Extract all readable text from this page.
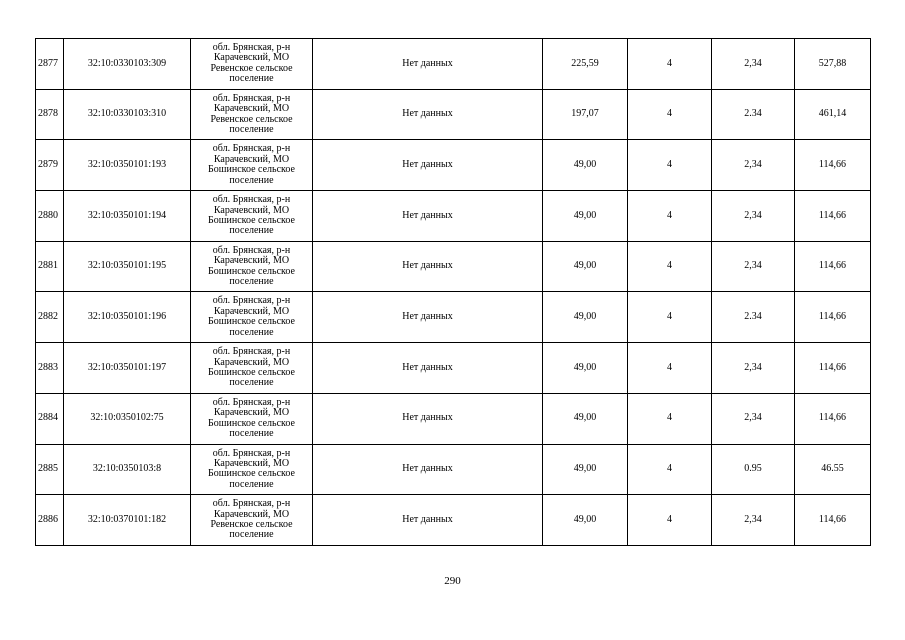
2877	32:10:0330103:309	обл. Брянская, р-н
Карачевский, МО
Ревенское сельское
поселение	Нет данных	225,59	4	2,34	527,88
2878	32:10:0330103:310	обл. Брянская, р-н
Карачевский, МО
Ревенское сельское
поселение	Нет данных	197,07	4	2.34	461,14
2879	32:10:0350101:193	обл. Брянская, р-н
Карачевский, МО
Бошинское сельское
поселение	Нет данных	49,00	4	2,34	114,66
2880	32:10:0350101:194	обл. Брянская, р-н
Карачевский, МО
Бошинское сельское
поселение	Нет данных	49,00	4	2,34	114,66
2881	32:10:0350101:195	обл. Брянская, р-н
Карачевский, МО
Бошинское сельское
поселение	Нет данных	49,00	4	2,34	114,66
2882	32:10:0350101:196	обл. Брянская, р-н
Карачевский, МО
Бошинское сельское
поселение	Нет данных	49,00	4	2.34	114,66
2883	32:10:0350101:197	обл. Брянская, р-н
Карачевский, МО
Бошинское сельское
поселение	Нет данных	49,00	4	2,34	114,66
2884	32:10:0350102:75	обл. Брянская, р-н
Карачевский, МО
Бошинское сельское
поселение	Нет данных	49,00	4	2,34	114,66
2885	32:10:0350103:8	обл. Брянская, р-н
Карачевский, МО
Бошинское сельское
поселение	Нет данных	49,00	4	0.95	46.55
2886	32:10:0370101:182	обл. Брянская, р-н
Карачевский, МО
Ревенское сельское
поселение	Нет данных	49,00	4	2,34	114,66
290
